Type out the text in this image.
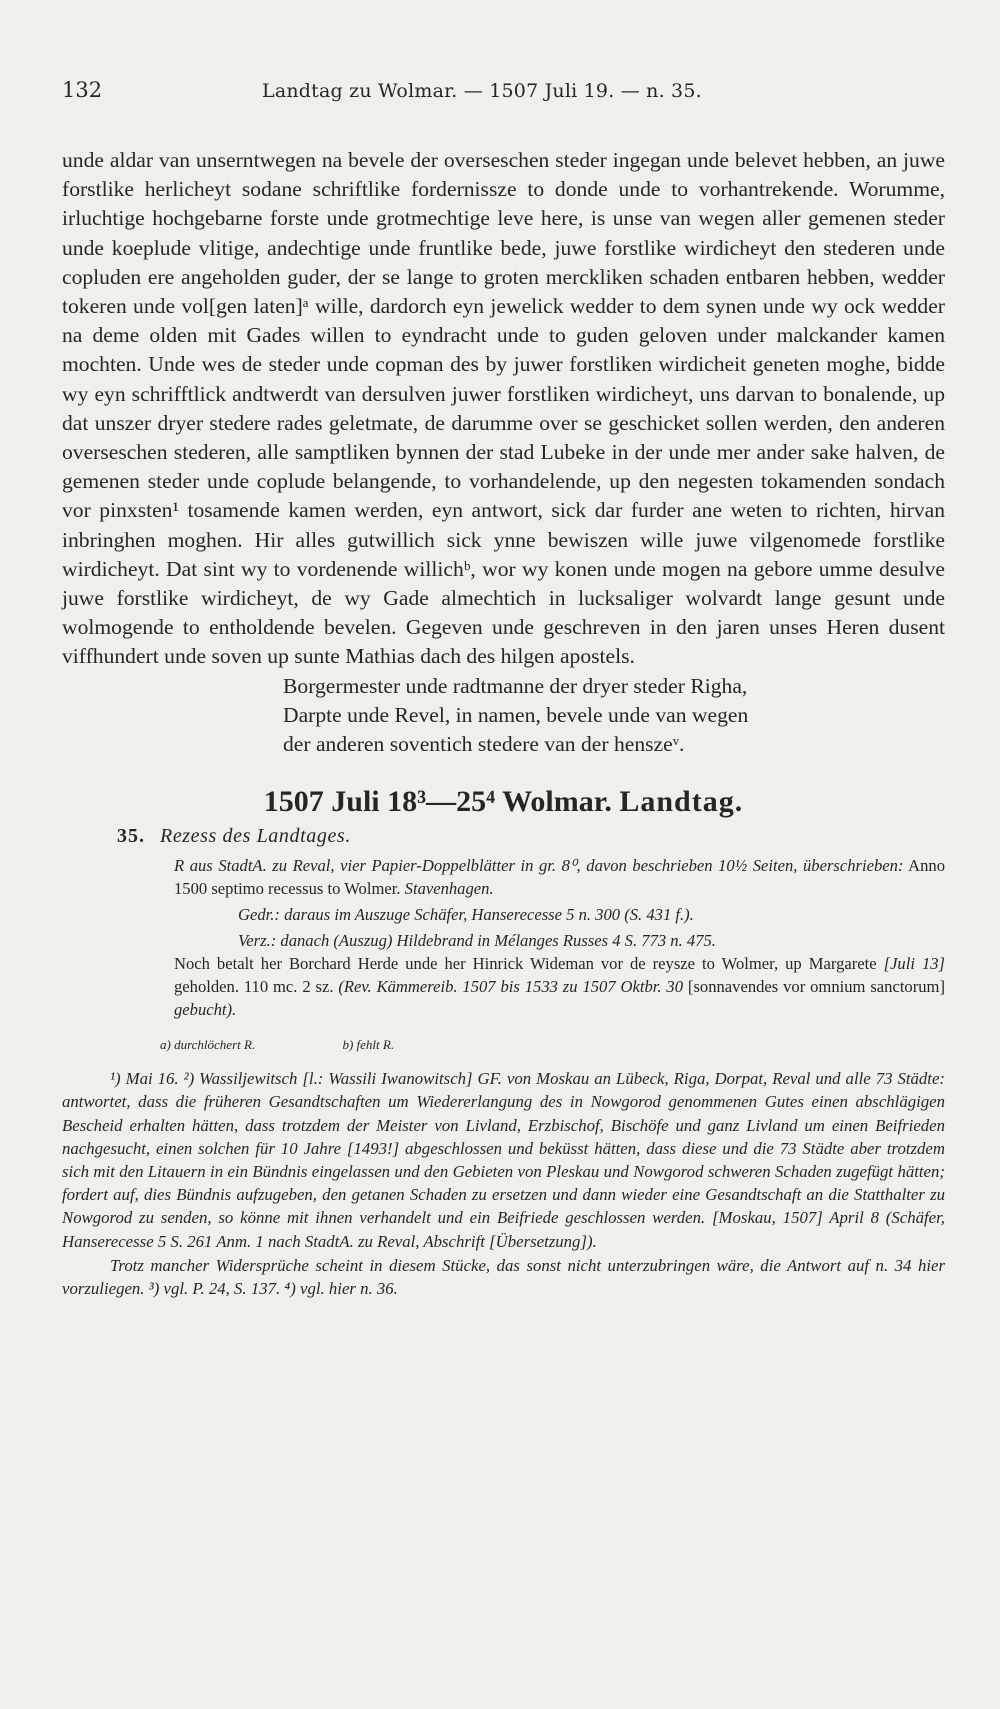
132	Landtag zu Wolmar. — 1507 Juli 19. — n. 35.

unde aldar van unserntwegen na bevele der overseschen steder ingegan unde belevet hebben, an juwe forstlike herlicheyt sodane schriftlike fordernissze to donde unde to vorhantrekende. Worumme, irluchtige hochgebarne forste unde grotmechtige leve here, is unse van wegen aller gemenen steder unde koeplude vlitige, andechtige unde fruntlike bede, juwe forstlike wirdicheyt den stederen unde copluden ere angeholden guder, der se lange to groten merckliken schaden entbaren hebben, wedder tokeren unde vol[gen laten]ᵃ wille, dardorch eyn jewelick wedder to dem synen unde wy ock wedder na deme olden mit Gades willen to eyndracht unde to guden geloven under malckander kamen mochten. Unde wes de steder unde copman des by juwer forstliken wirdicheit geneten moghe, bidde wy eyn schrifftlick andtwerdt van dersulven juwer forstliken wirdicheyt, uns darvan to bonalende, up dat unszer dryer stedere rades geletmate, de darumme over se geschicket sollen werden, den anderen overseschen stederen, alle samptliken bynnen der stad Lubeke in der unde mer ander sake halven, de gemenen steder unde coplude belangende, to vorhandelende, up den negesten tokamenden sondach vor pinxsten¹ tosamende kamen werden, eyn antwort, sick dar furder ane weten to richten, hirvan inbringhen moghen. Hir alles gutwillich sick ynne bewiszen wille juwe vilgenomede forstlike wirdicheyt. Dat sint wy to vordenende willichᵇ, wor wy konen unde mogen na gebore umme desulve juwe forstlike wirdicheyt, de wy Gade almechtich in lucksaliger wolvardt lange gesunt unde wolmogende to entholdende bevelen. Gegeven unde geschreven in den jaren unses Heren dusent viffhundert unde soven up sunte Mathias dach des hilgen apostels.

Borgermester unde radtmanne der dryer steder Righa,
Darpte unde Revel, in namen, bevele unde van wegen
der anderen soventich stedere van der henszeᵛ.
1507 Juli 18³—25⁴ Wolmar. Landtag.
35. Rezess des Landtages.

R aus StadtA. zu Reval, vier Papier-Doppelblätter in gr. 8⁰, davon beschrieben 10½ Seiten, überschrieben: Anno 1500 septimo recessus to Wolmer. Stavenhagen.

Gedr.: daraus im Auszuge Schäfer, Hanserecesse 5 n. 300 (S. 431 f.).

Verz.: danach (Auszug) Hildebrand in Mélanges Russes 4 S. 773 n. 475.

Noch betalt her Borchard Herde unde her Hinrick Wideman vor de reysze to Wolmer, up Margarete [Juli 13] geholden. 110 mc. 2 sz. (Rev. Kämmereib. 1507 bis 1533 zu 1507 Oktbr. 30 [sonnavendes vor omnium sanctorum] gebucht).

a) durchlöchert R.	b) fehlt R.

¹) Mai 16. ²) Wassiljewitsch [l.: Wassili Iwanowitsch] GF. von Moskau an Lübeck, Riga, Dorpat, Reval und alle 73 Städte: antwortet, dass die früheren Gesandtschaften um Wiedererlangung des in Nowgorod genommenen Gutes einen abschlägigen Bescheid erhalten hätten, dass trotzdem der Meister von Livland, Erzbischof, Bischöfe und ganz Livland um einen Beifrieden nachgesucht, einen solchen für 10 Jahre [1493!] abgeschlossen und beküsst hätten, dass diese und die 73 Städte aber trotzdem sich mit den Litauern in ein Bündnis eingelassen und den Gebieten von Pleskau und Nowgorod schweren Schaden zugefügt hätten; fordert auf, dies Bündnis aufzugeben, den getanen Schaden zu ersetzen und dann wieder eine Gesandtschaft an die Statthalter zu Nowgorod zu senden, so könne mit ihnen verhandelt und ein Beifriede geschlossen werden. [Moskau, 1507] April 8 (Schäfer, Hanserecesse 5 S. 261 Anm. 1 nach StadtA. zu Reval, Abschrift [Übersetzung]).

Trotz mancher Widersprüche scheint in diesem Stücke, das sonst nicht unterzubringen wäre, die Antwort auf n. 34 hier vorzuliegen. ³) vgl. P. 24, S. 137. ⁴) vgl. hier n. 36.
